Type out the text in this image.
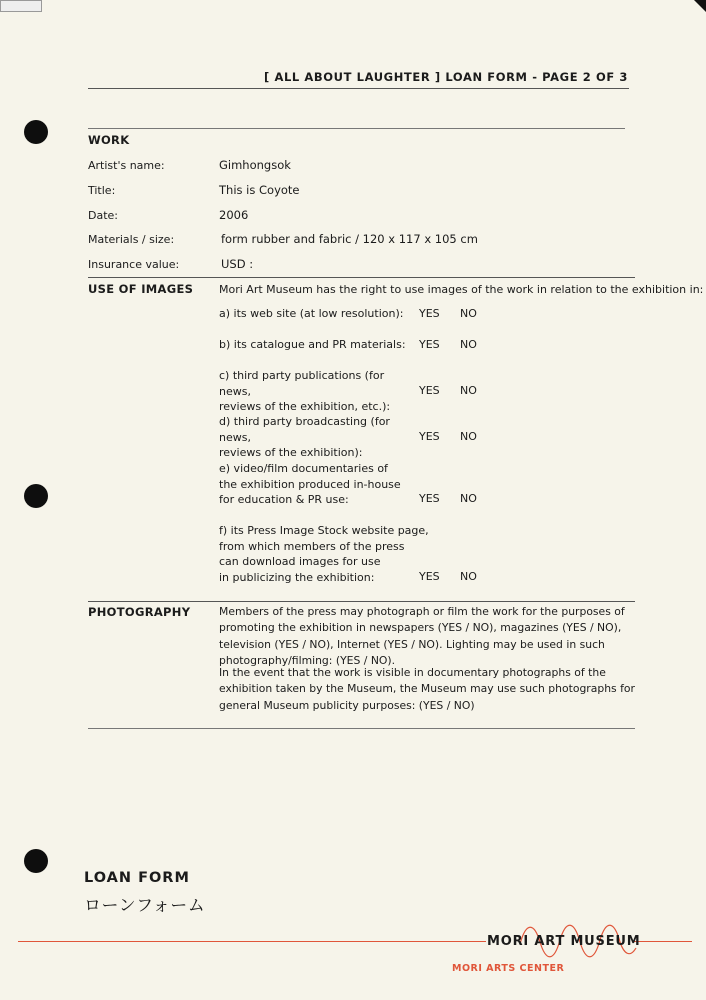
[ ALL ABOUT LAUGHTER ] LOAN FORM - PAGE 2 OF 3
WORK
Artist's name:	Gimhongsok
Title:	This is Coyote
Date:	2006
Materials / size:	form rubber and fabric / 120 x 117 x 105 cm
Insurance value:	USD :
USE OF IMAGES Mori Art Museum has the right to use images of the work in relation to the exhibition in:
a) its web site (at low resolution):	YES NO
b) its catalogue and PR materials:	YES NO
c) third party publications (for news,
reviews of the exhibition, etc.):
YES NO
d) third party broadcasting (for news,
reviews of the exhibition):
YES NO
e) video/film documentaries of
the exhibition produced in-house
for education & PR use:	YES NO
f) its Press Image Stock website page,
from which members of the press
can download images for use
in publicizing the exhibition:	YES NO
PHOTOGRAPHY	Members of the press may photograph or film the work for the purposes of promoting the exhibition in newspapers (YES / NO), magazines (YES / NO), television (YES / NO), Internet (YES / NO). Lighting may be used in such photography/filming: (YES / NO).
In the event that the work is visible in documentary photographs of the exhibition taken by the Museum, the Museum may use such photographs for general Museum publicity purposes: (YES / NO)
LOAN FORM
ローンフォーム
MORI ART MUSEUM
MORI ARTS CENTER
